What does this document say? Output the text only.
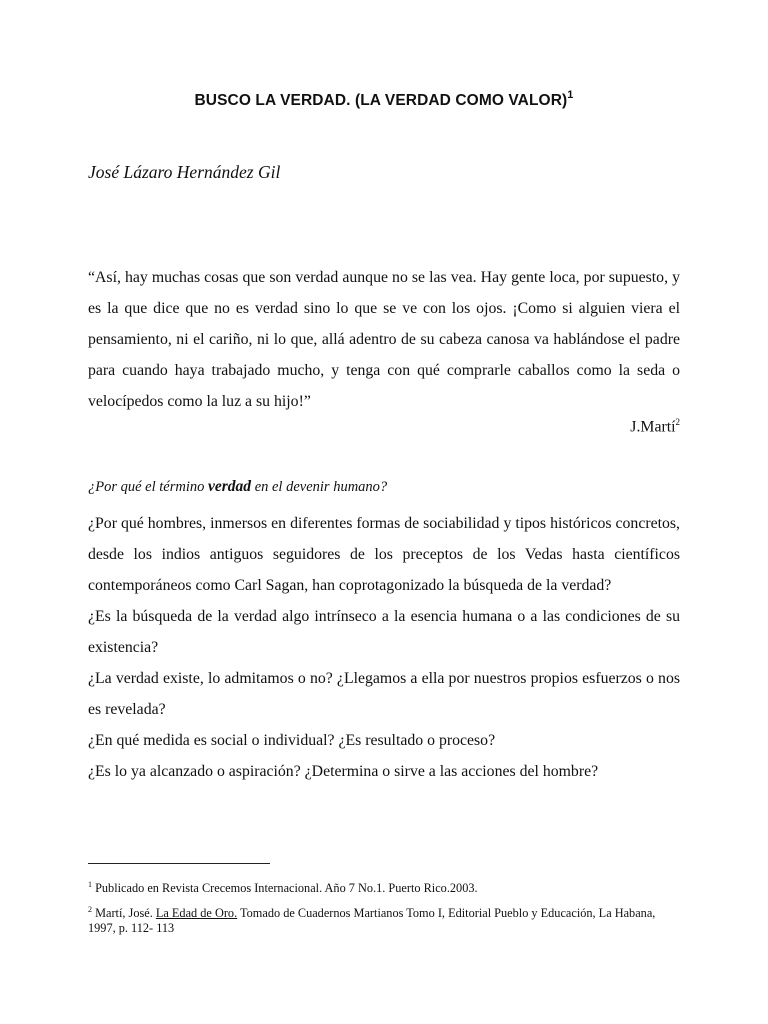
BUSCO LA VERDAD. (LA VERDAD COMO VALOR)$^1$
José Lázaro Hernández Gil
“Así, hay muchas cosas que son verdad aunque no se las vea. Hay gente loca, por supuesto, y es la que dice que no es verdad sino lo que se ve con los ojos. ¡Como si alguien viera el pensamiento, ni el cariño, ni lo que, allá adentro de su cabeza canosa va hablándose el padre para cuando haya trabajado mucho, y tenga con qué comprarle caballos como la seda o velocípedos como la luz a su hijo!”
J.Martí$^2$
¿Por qué el término verdad en el devenir humano?

¿Por qué hombres, inmersos en diferentes formas de sociabilidad y tipos históricos concretos, desde los indios antiguos seguidores de los preceptos de los Vedas hasta científicos contemporáneos como Carl Sagan, han coprotagonizado la búsqueda de la verdad?

¿Es la búsqueda de la verdad algo intrínseco a la esencia humana o a las condiciones de su existencia?

¿La verdad existe, lo admitamos o no? ¿Llegamos a ella por nuestros propios esfuerzos o nos es revelada?

¿En qué medida es social o individual? ¿Es resultado o proceso?

¿Es lo ya alcanzado o aspiración? ¿Determina o sirve a las acciones del hombre?

$^1$ Publicado en Revista Crecemos Internacional. Año 7 No.1. Puerto Rico.2003.

$^2$ Martí, José. La Edad de Oro. Tomado de Cuadernos Martianos Tomo I, Editorial Pueblo y Educación, La Habana, 1997, p. 112- 113
